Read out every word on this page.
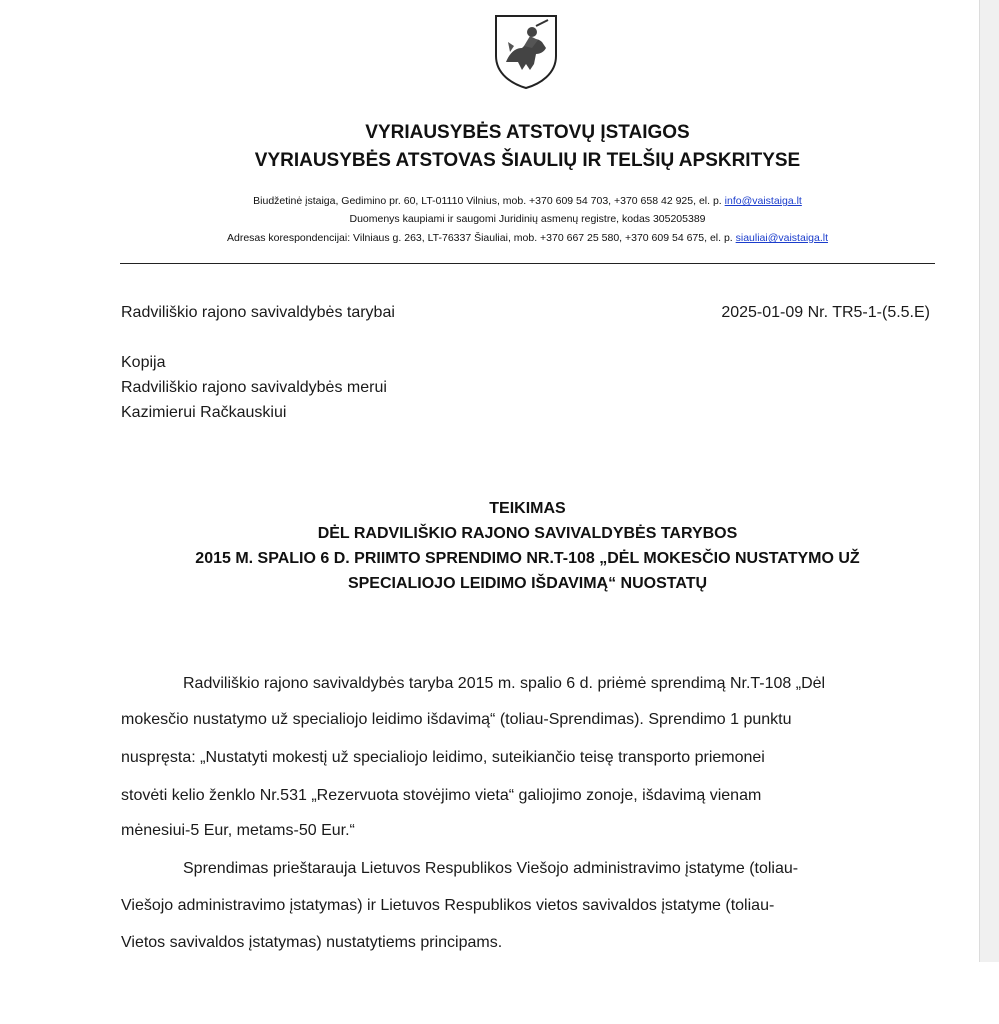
VYRIAUSYBĖS ATSTOVŲ ĮSTAIGOS
VYRIAUSYBĖS ATSTOVAS ŠIAULIŲ IR TELŠIŲ APSKRITYSE
Biudžetinė įstaiga, Gedimino pr. 60, LT-01110 Vilnius, mob. +370 609 54 703, +370 658 42 925, el. p. info@vaistaiga.lt
Duomenys kaupiami ir saugomi Juridinių asmenų registre, kodas 305205389
Adresas korespondencijai: Vilniaus g. 263, LT-76337 Šiauliai, mob. +370 667 25 580, +370 609 54 675, el. p. siauliai@vaistaiga.lt
Radviliškio rajono savivaldybės tarybai	2025-01-09 Nr. TR5-1-(5.5.E)
Kopija
Radviliškio rajono savivaldybės merui
Kazimierui Račkauskiui
TEIKIMAS
DĖL RADVILIŠKIO RAJONO SAVIVALDYBĖS TARYBOS
2015 M. SPALIO 6 D. PRIIMTO SPRENDIMO NR.T-108 „DĖL MOKESČIO NUSTATYMO UŽ
SPECIALIOJO LEIDIMO IŠDAVIMĄ“ NUOSTATŲ
Radviliškio rajono savivaldybės taryba 2015 m. spalio 6 d. priėmė sprendimą Nr.T-108 „Dėl
mokesčio nustatymo už specialiojo leidimo išdavimą“ (toliau-Sprendimas). Sprendimo 1 punktu
nuspręsta: „Nustatyti mokestį už specialiojo leidimo, suteikiančio teisę transporto priemonei
stovėti kelio ženklo Nr.531 „Rezervuota stovėjimo vieta“ galiojimo zonoje, išdavimą vienam
mėnesiui-5 Eur, metams-50 Eur.“
Sprendimas prieštarauja Lietuvos Respublikos Viešojo administravimo įstatyme (toliau-
Viešojo administravimo įstatymas) ir Lietuvos Respublikos vietos savivaldos įstatyme (toliau-
Vietos savivaldos įstatymas) nustatytiems principams.
